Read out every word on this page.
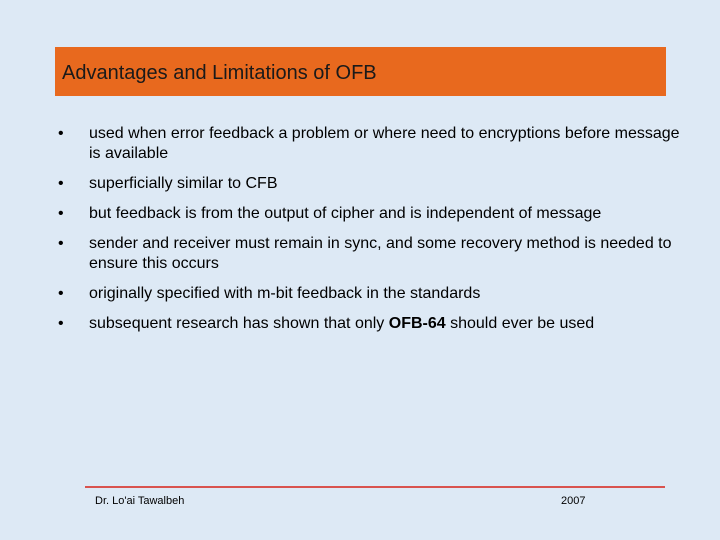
Advantages and Limitations of OFB
•	used when error feedback a problem or where need to encryptions before message is available
•	superficially similar to CFB
•	but feedback is from the output of cipher and is independent of message
•	sender and receiver must remain in sync, and some recovery method is needed to ensure this occurs
•	originally specified with m-bit feedback in the standards
•	subsequent research has shown that only OFB-64 should ever be used
Dr. Lo'ai Tawalbeh	2007
